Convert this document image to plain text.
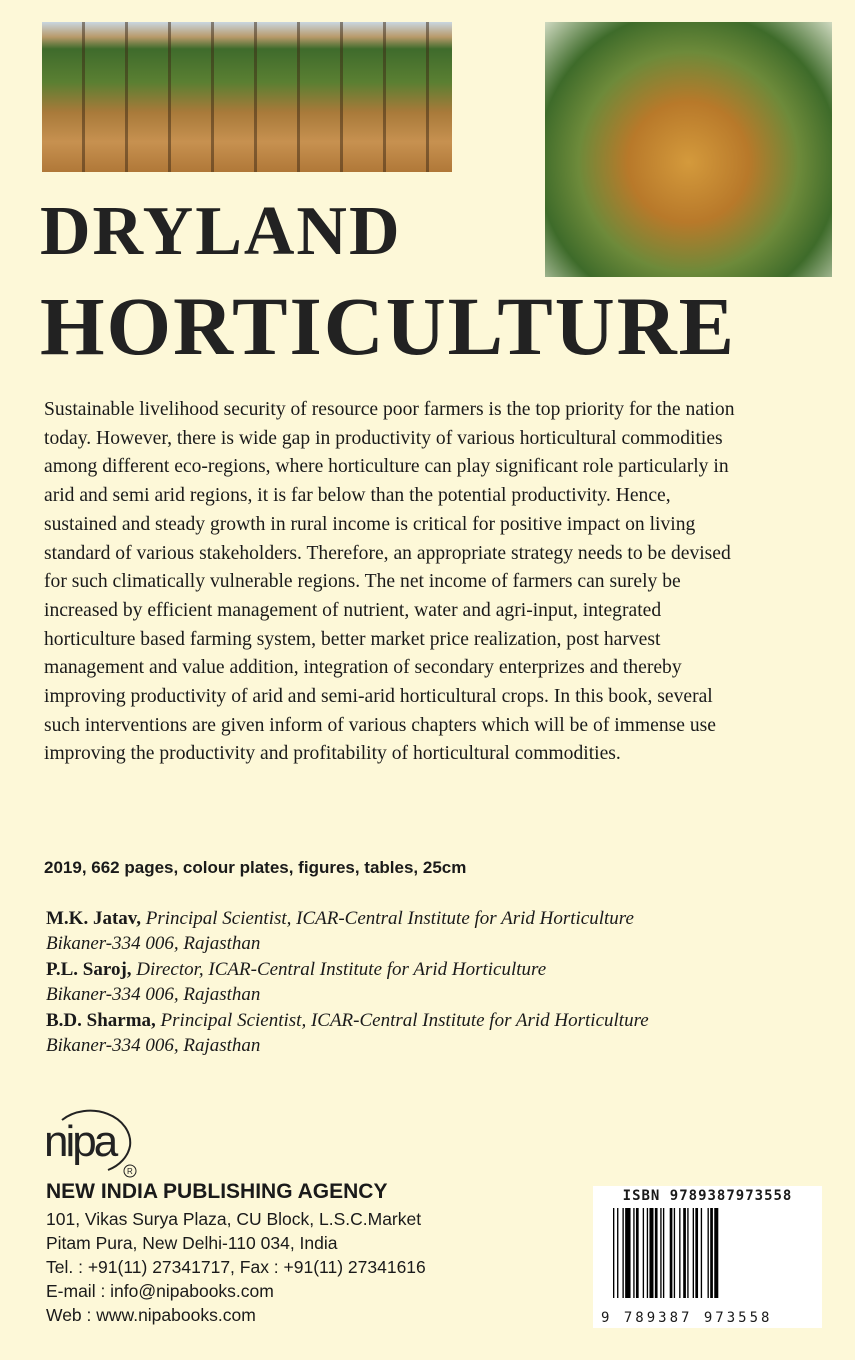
DRYLAND
HORTICULTURE
Sustainable livelihood security of resource poor farmers is the top priority for the nation
today. However, there is wide gap in productivity of various horticultural commodities
among different eco-regions, where horticulture can play significant role particularly in
arid and semi arid regions, it is far below than the potential productivity. Hence,
sustained and steady growth in rural income is critical for positive impact on living
standard of various stakeholders. Therefore, an appropriate strategy needs to be devised
for such climatically vulnerable regions. The net income of farmers can surely be
increased by efficient management of nutrient, water and agri-input, integrated
horticulture based farming system, better market price realization, post harvest
management and value addition, integration of secondary enterprizes and thereby
improving productivity of arid and semi-arid horticultural crops. In this book, several
such interventions are given inform of various chapters which will be of immense use
improving the productivity and profitability of horticultural commodities.
2019, 662 pages, colour plates, figures, tables, 25cm
M.K. Jatav, Principal Scientist, ICAR-Central Institute for Arid Horticulture
Bikaner-334 006, Rajasthan
P.L. Saroj, Director, ICAR-Central Institute for Arid Horticulture
Bikaner-334 006, Rajasthan
B.D. Sharma, Principal Scientist, ICAR-Central Institute for Arid Horticulture
Bikaner-334 006, Rajasthan
nipa
R
NEW INDIA PUBLISHING AGENCY
101, Vikas Surya Plaza, CU Block, L.S.C.Market
Pitam Pura, New Delhi-110 034, India
Tel. : +91(11) 27341717, Fax : +91(11) 27341616
E-mail : info@nipabooks.com
Web : www.nipabooks.com
ISBN 9789387973558
9 789387 973558
